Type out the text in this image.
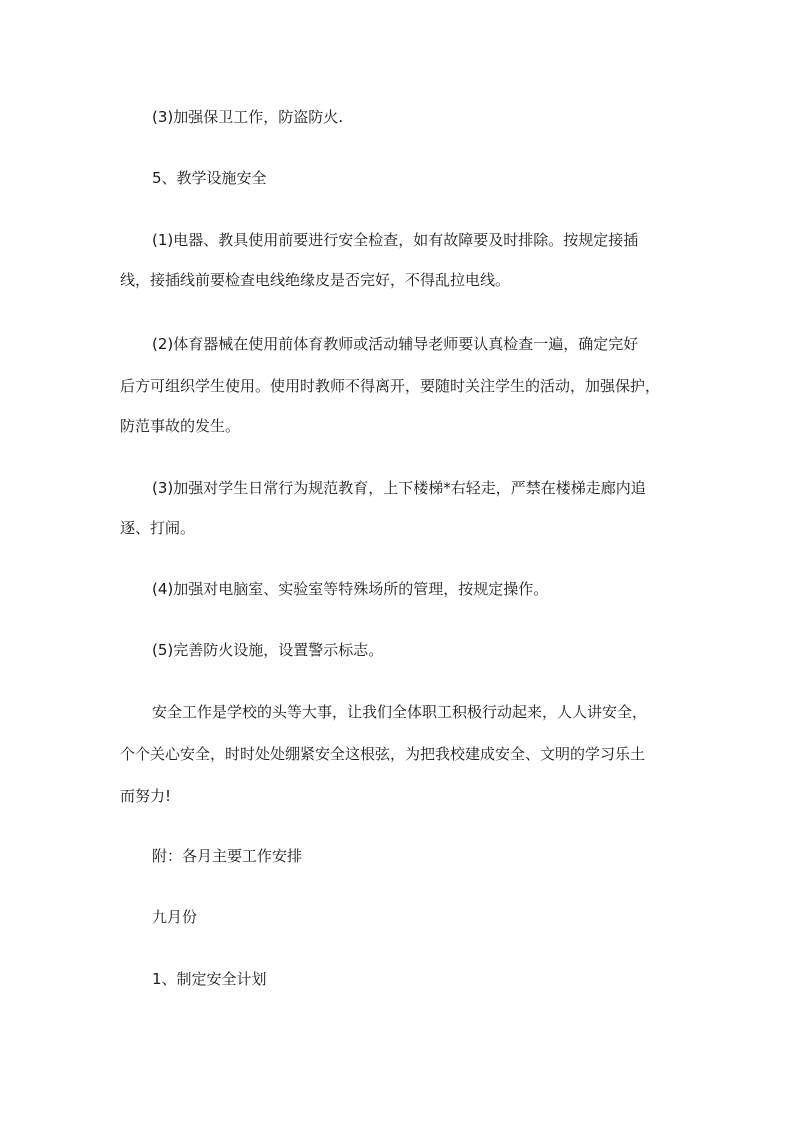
(3)加强保卫工作，防盗防火.
5、教学设施安全
(1)电器、教具使用前要进行安全检查，如有故障要及时排除。按规定接插
线，接插线前要检查电线绝缘皮是否完好，不得乱拉电线。
(2)体育器械在使用前体育教师或活动辅导老师要认真检查一遍，确定完好
后方可组织学生使用。使用时教师不得离开，要随时关注学生的活动，加强保护，
防范事故的发生。
(3)加强对学生日常行为规范教育，上下楼梯*右轻走，严禁在楼梯走廊内追
逐、打闹。
(4)加强对电脑室、实验室等特殊场所的管理，按规定操作。
(5)完善防火设施，设置警示标志。
安全工作是学校的头等大事，让我们全体职工积极行动起来，人人讲安全，
个个关心安全，时时处处绷紧安全这根弦，为把我校建成安全、文明的学习乐土
而努力!
附：各月主要工作安排
九月份
1、制定安全计划
